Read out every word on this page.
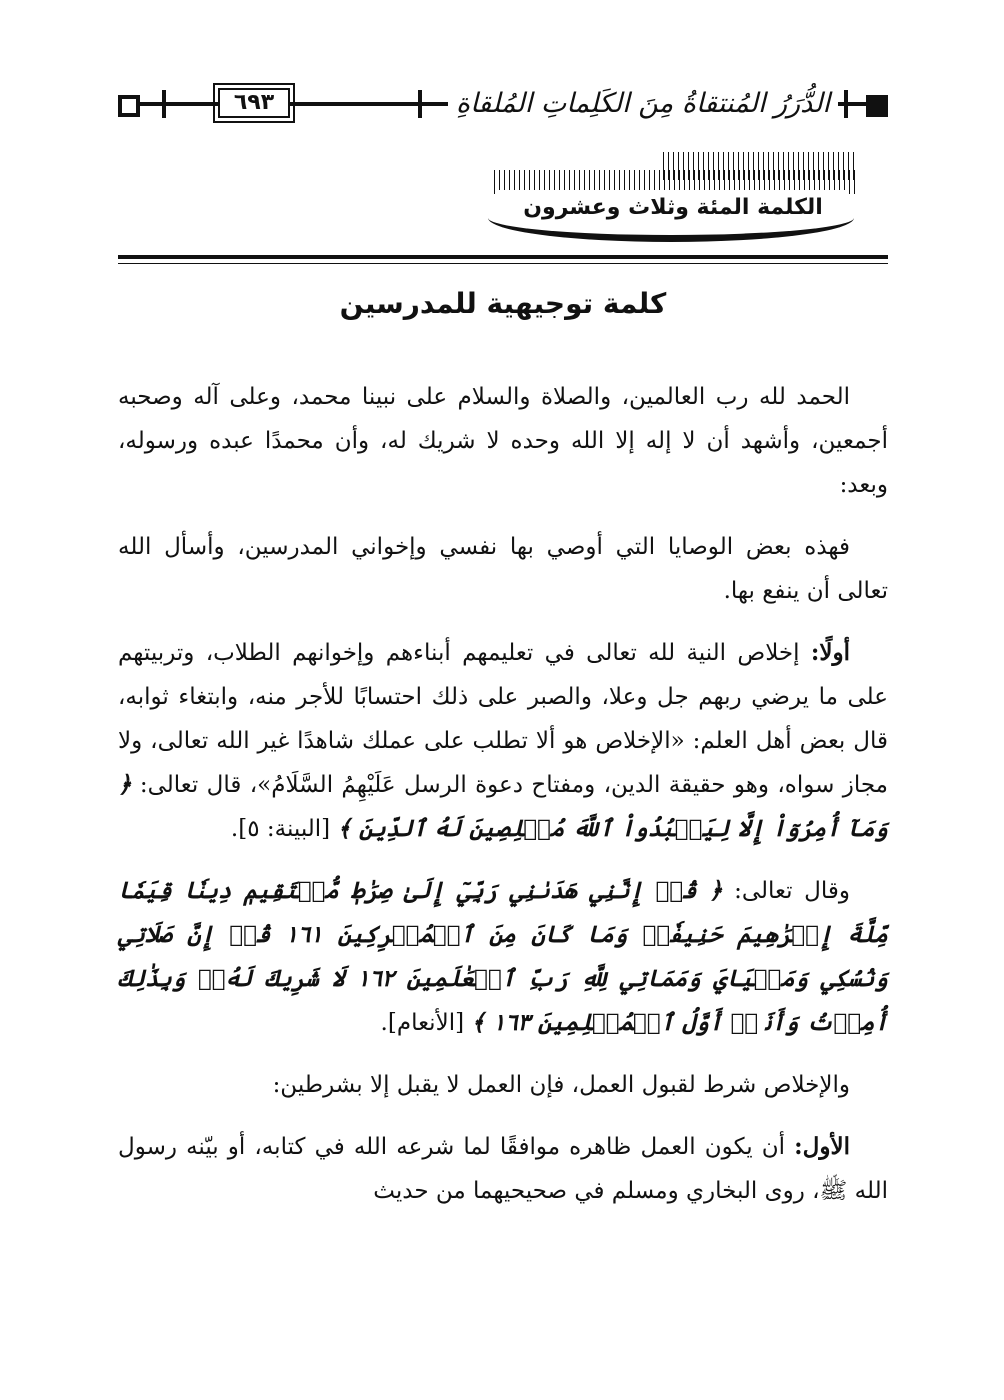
٦٩٣	الدُّرَرُ المُنتقاةُ مِنَ الكَلِماتِ المُلقاةِ
الكلمة المئة وثلاث وعشرون
كلمة توجيهية للمدرسين

الحمد لله رب العالمين، والصلاة والسلام على نبينا محمد، وعلى آله وصحبه أجمعين، وأشهد أن لا إله إلا الله وحده لا شريك له، وأن محمدًا عبده ورسوله، وبعد:

فهذه بعض الوصايا التي أوصي بها نفسي وإخواني المدرسين، وأسأل الله تعالى أن ينفع بها.

أولًا: إخلاص النية لله تعالى في تعليمهم أبناءهم وإخوانهم الطلاب، وتربيتهم على ما يرضي ربهم جل وعلا، والصبر على ذلك احتسابًا للأجر منه، وابتغاء ثوابه، قال بعض أهل العلم: «الإخلاص هو ألا تطلب على عملك شاهدًا غير الله تعالى، ولا مجاز سواه، وهو حقيقة الدين، ومفتاح دعوة الرسل عَلَيْهِمُ السَّلَامُ»، قال تعالى: ﴿ وَمَآ أُمِرُوٓاْ إِلَّا لِيَعۡبُدُواْ ٱللَّهَ مُخۡلِصِينَ لَهُ ٱلدِّينَ ﴾ [البينة: ٥].

وقال تعالى: ﴿ قُلۡ إِنَّنِي هَدَىٰنِي رَبِّيٓ إِلَىٰ صِرَٰطٖ مُّسۡتَقِيمٖ دِينٗا قِيَمٗا مِّلَّةَ إِبۡرَٰهِيمَ حَنِيفٗاۚ وَمَا كَانَ مِنَ ٱلۡمُشۡرِكِينَ ١٦١ قُلۡ إِنَّ صَلَاتِي وَنُسُكِي وَمَحۡيَايَ وَمَمَاتِي لِلَّهِ رَبِّ ٱلۡعَٰلَمِينَ ١٦٢ لَا شَرِيكَ لَهُۥۖ وَبِذَٰلِكَ أُمِرۡتُ وَأَنَا۠ أَوَّلُ ٱلۡمُسۡلِمِينَ ١٦٣ ﴾ [الأنعام].

والإخلاص شرط لقبول العمل، فإن العمل لا يقبل إلا بشرطين:

الأول: أن يكون العمل ظاهره موافقًا لما شرعه الله في كتابه، أو بيّنه رسول الله ﷺ، روى البخاري ومسلم في صحيحيهما من حديث
